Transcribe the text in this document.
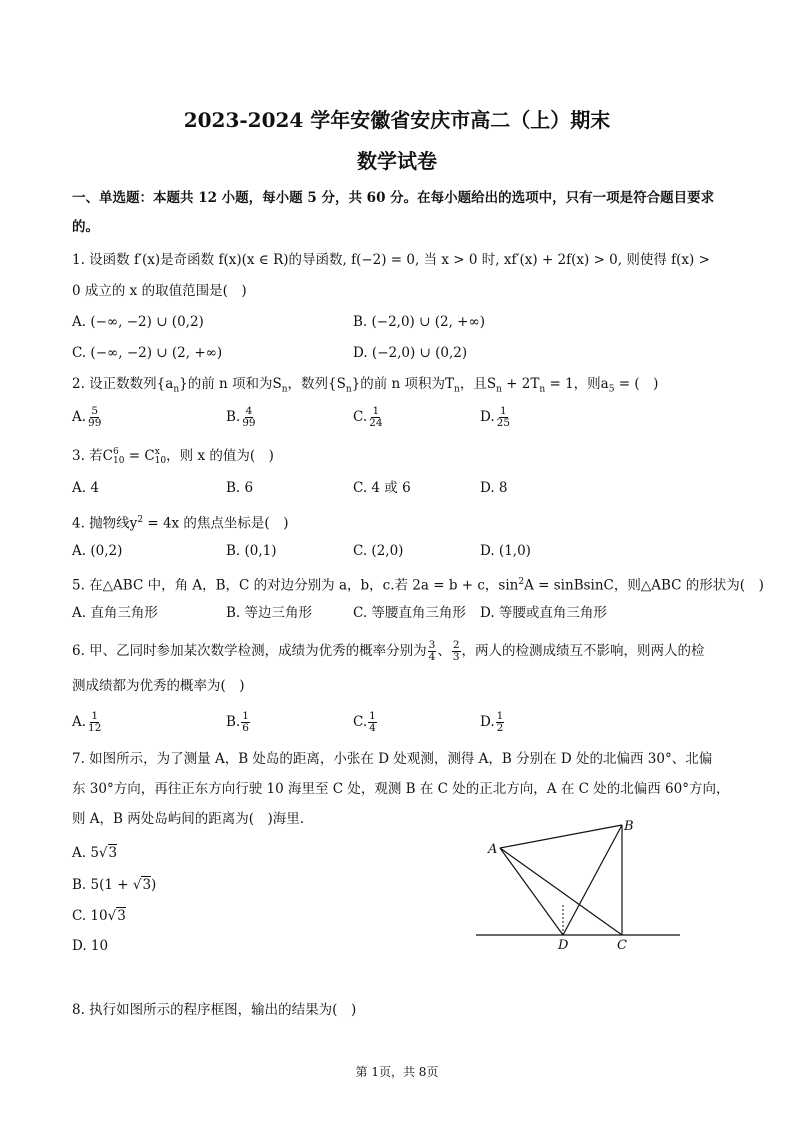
2023-2024 学年安徽省安庆市高二（上）期末
数学试卷
一、单选题：本题共 12 小题，每小题 5 分，共 60 分。在每小题给出的选项中，只有一项是符合题目要求
的。
1. 设函数 f′(x)是奇函数 f(x)(x ∈ R)的导函数, f(−2) = 0, 当 x > 0 时, xf′(x) + 2f(x) > 0, 则使得 f(x) >
0 成立的 x 的取值范围是(　)
A. (−∞, −2) ∪ (0,2)	B. (−2,0) ∪ (2, +∞)
C. (−∞, −2) ∪ (2, +∞)	D. (−2,0) ∪ (0,2)
2. 设正数数列$\{a_n\}$的前 n 项和为$S_n$，数列$\{S_n\}$的前 n 项积为$T_n$，且$S_n + 2T_n = 1$，则$a_5$ = (　)
A. $\frac{5}{99}$	B. $\frac{4}{99}$	C. $\frac{1}{24}$	D. $\frac{1}{25}$
3. 若C 6
10 = C x
10 ，则 x 的值为(　)
A. 4	B. 6	C. 4 或 6	D. 8
4. 抛物线$y^2 = 4x$ 的焦点坐标是(　)
A. (0,2)	B. (0,1)	C. (2,0)	D. (1,0)
5. 在△ABC 中，角 A，B，C 的对边分别为 a，b，c.若 2a = b + c，$\sin^2A$ = sinBsinC，则△ABC 的形状为(　)
A. 直角三角形	B. 等边三角形	C. 等腰直角三角形 D. 等腰或直角三角形
6. 甲、乙同时参加某次数学检测，成绩为优秀的概率分别为 $\frac{3}{4}$ 、 $\frac{2}{3}$ ，两人的检测成绩互不影响，则两人的检
测成绩都为优秀的概率为(　)
A. $\frac{1}{12}$	B. $\frac{1}{6}$	C. $\frac{1}{4}$	D. $\frac{1}{2}$
7. 如图所示，为了测量 A，B 处岛的距离，小张在 D 处观测，测得 A，B 分别在 D 处的北偏西 30°、北偏
东 30°方向，再往正东方向行驶 10 海里至 C 处，观测 B 在 C 处的正北方向，A 在 C 处的北偏西 60°方向，
则 A，B 两处岛屿间的距离为(　)海里.
A. 5√3
B. 5(1 + √3)
C. 10√3
D. 10
A
B
D	C
8. 执行如图所示的程序框图，输出的结果为(　)
第 1页，共 8页
